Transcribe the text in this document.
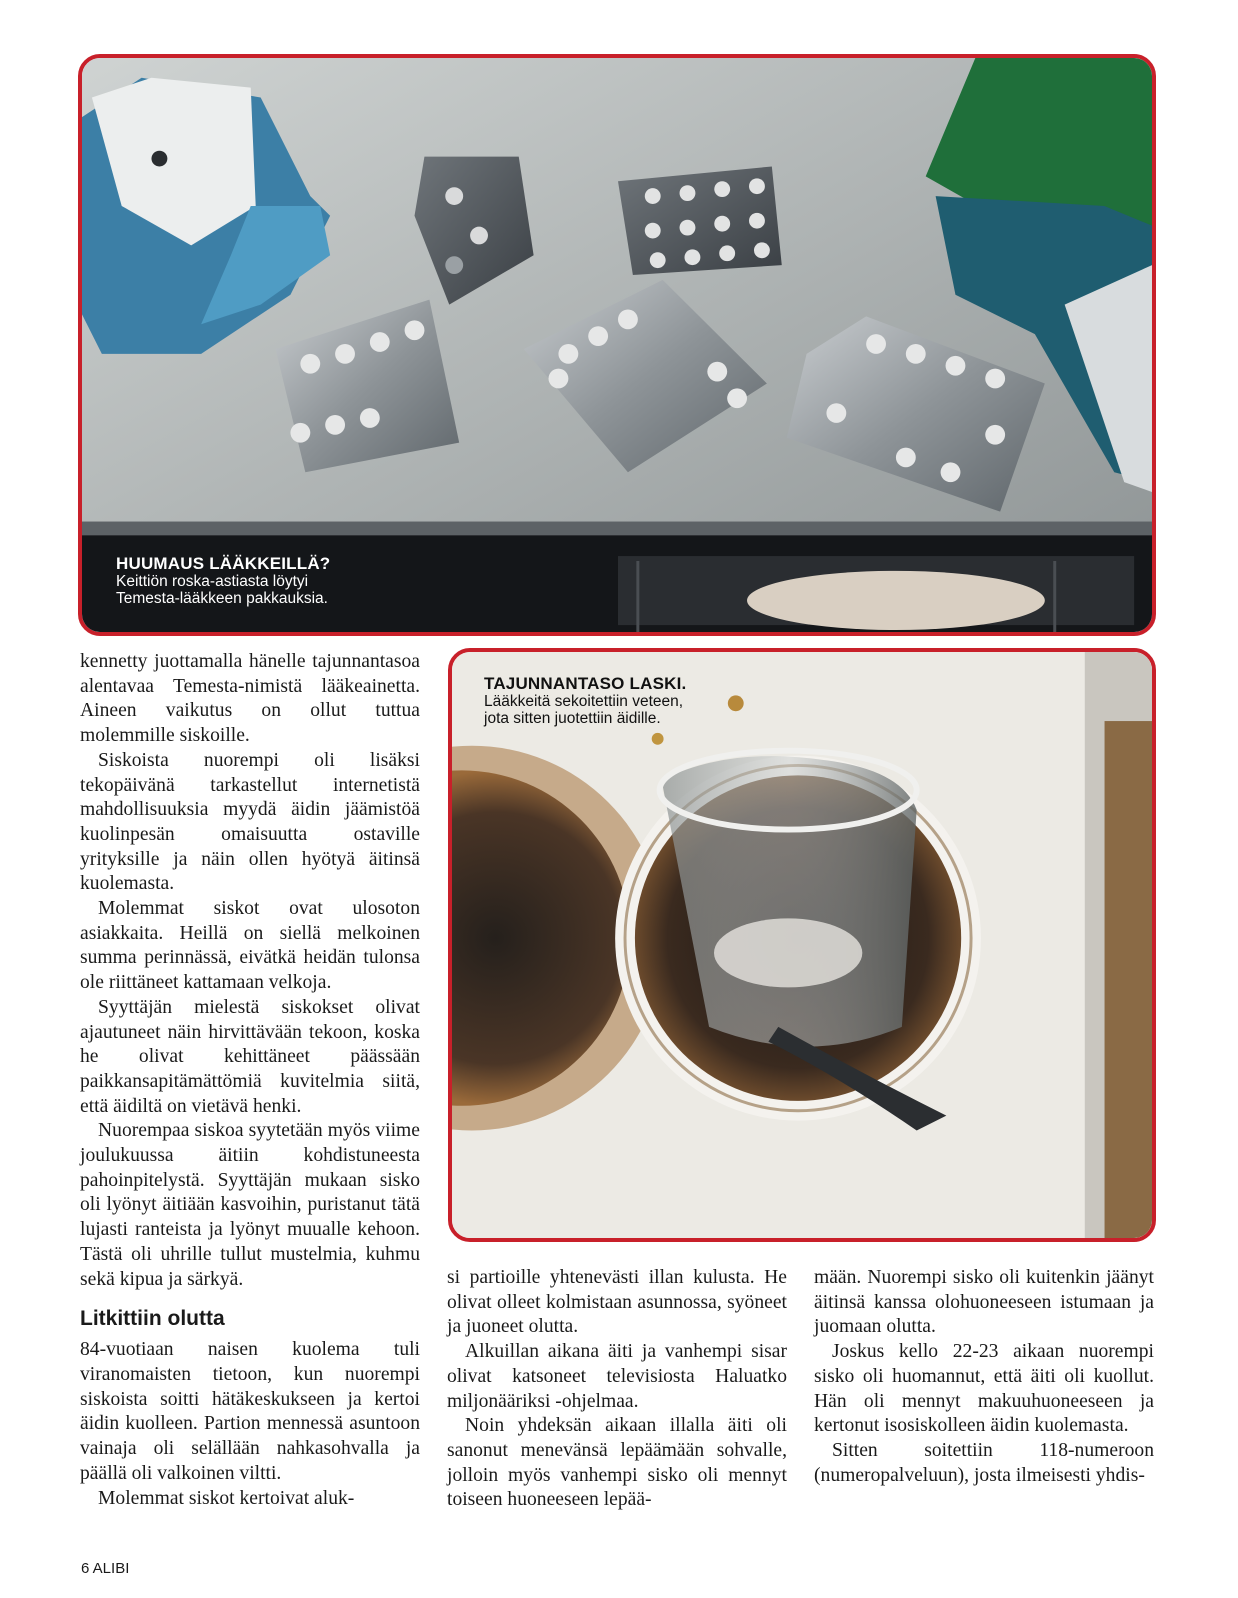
HUUMAUS LÄÄKKEILLÄ?
Keittiön roska-astiasta löytyi
Temesta-lääkkeen pakkauksia.
TAJUNNANTASO LASKI.
Lääkkeitä sekoitettiin veteen,
jota sitten juotettiin äidille.

kennetty juottamalla hänelle tajunnantasoa alentavaa Temesta-nimistä lääkeainetta. Aineen vaikutus on ollut tuttua molemmille siskoille.

Siskoista nuorempi oli lisäksi tekopäivänä tarkastellut internetistä mahdollisuuksia myydä äidin jäämistöä kuolinpesän omaisuutta ostaville yrityksille ja näin ollen hyötyä äitinsä kuolemasta.

Molemmat siskot ovat ulosoton asiakkaita. Heillä on siellä melkoinen summa perinnässä, eivätkä heidän tulonsa ole riittäneet kattamaan velkoja.

Syyttäjän mielestä siskokset olivat ajautuneet näin hirvittävään tekoon, koska he olivat kehittäneet päässään paikkansapitämättömiä kuvitelmia siitä, että äidiltä on vietävä henki.

Nuorempaa siskoa syytetään myös viime joulukuussa äitiin kohdistuneesta pahoinpitelystä. Syyttäjän mukaan sisko oli lyönyt äitiään kasvoihin, puristanut tätä lujasti ranteista ja lyönyt muualle kehoon. Tästä oli uhrille tullut mustelmia, kuhmu sekä kipua ja särkyä.

Litkittiin olutta

84-vuotiaan naisen kuolema tuli viranomaisten tietoon, kun nuorempi siskoista soitti hätäkeskukseen ja kertoi äidin kuolleen. Partion mennessä asuntoon vainaja oli selällään nahkasohvalla ja päällä oli valkoinen viltti.

Molemmat siskot kertoivat aluk-

si partioille yhtenevästi illan kulusta. He olivat olleet kolmistaan asunnossa, syöneet ja juoneet olutta.

Alkuillan aikana äiti ja vanhempi sisar olivat katsoneet televisiosta Haluatko miljonääriksi -ohjelmaa.

Noin yhdeksän aikaan illalla äiti oli sanonut menevänsä lepäämään sohvalle, jolloin myös vanhempi sisko oli mennyt toiseen huoneeseen lepää-

mään. Nuorempi sisko oli kuitenkin jäänyt äitinsä kanssa olohuoneeseen istumaan ja juomaan olutta.

Joskus kello 22-23 aikaan nuorempi sisko oli huomannut, että äiti oli kuollut. Hän oli mennyt makuuhuoneeseen ja kertonut isosiskolleen äidin kuolemasta.

Sitten soitettiin 118-numeroon (numeropalveluun), josta ilmeisesti yhdis-

6 ALIBI
